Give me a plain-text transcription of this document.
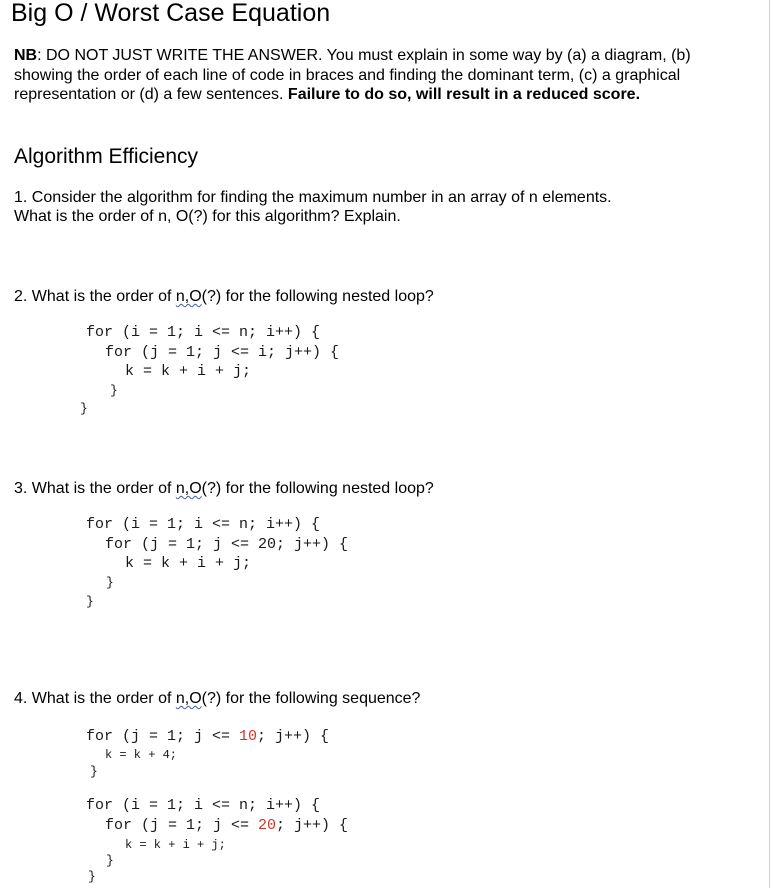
Big O / Worst Case Equation
NB: DO NOT JUST WRITE THE ANSWER. You must explain in some way by (a) a diagram, (b) showing the order of each line of code in braces and finding the dominant term, (c) a graphical representation or (d) a few sentences. Failure to do so, will result in a reduced score.
Algorithm Efficiency
1. Consider the algorithm for finding the maximum number in an array of n elements.
What is the order of n, O(?) for this algorithm? Explain.
2. What is the order of n,O(?) for the following nested loop?
for (i = 1; i <= n; i++) {
for (j = 1; j <= i; j++) {
k = k + i + j;
}
}
3. What is the order of n,O(?) for the following nested loop?
for (i = 1; i <= n; i++) {
for (j = 1; j <= 20; j++) {
k = k + i + j;
}
}
4. What is the order of n,O(?) for the following sequence?
for (j = 1; j <= 10; j++) {
k = k + 4;
}
for (i = 1; i <= n; i++) {
for (j = 1; j <= 20; j++) {
k = k + i + j;
}
}
